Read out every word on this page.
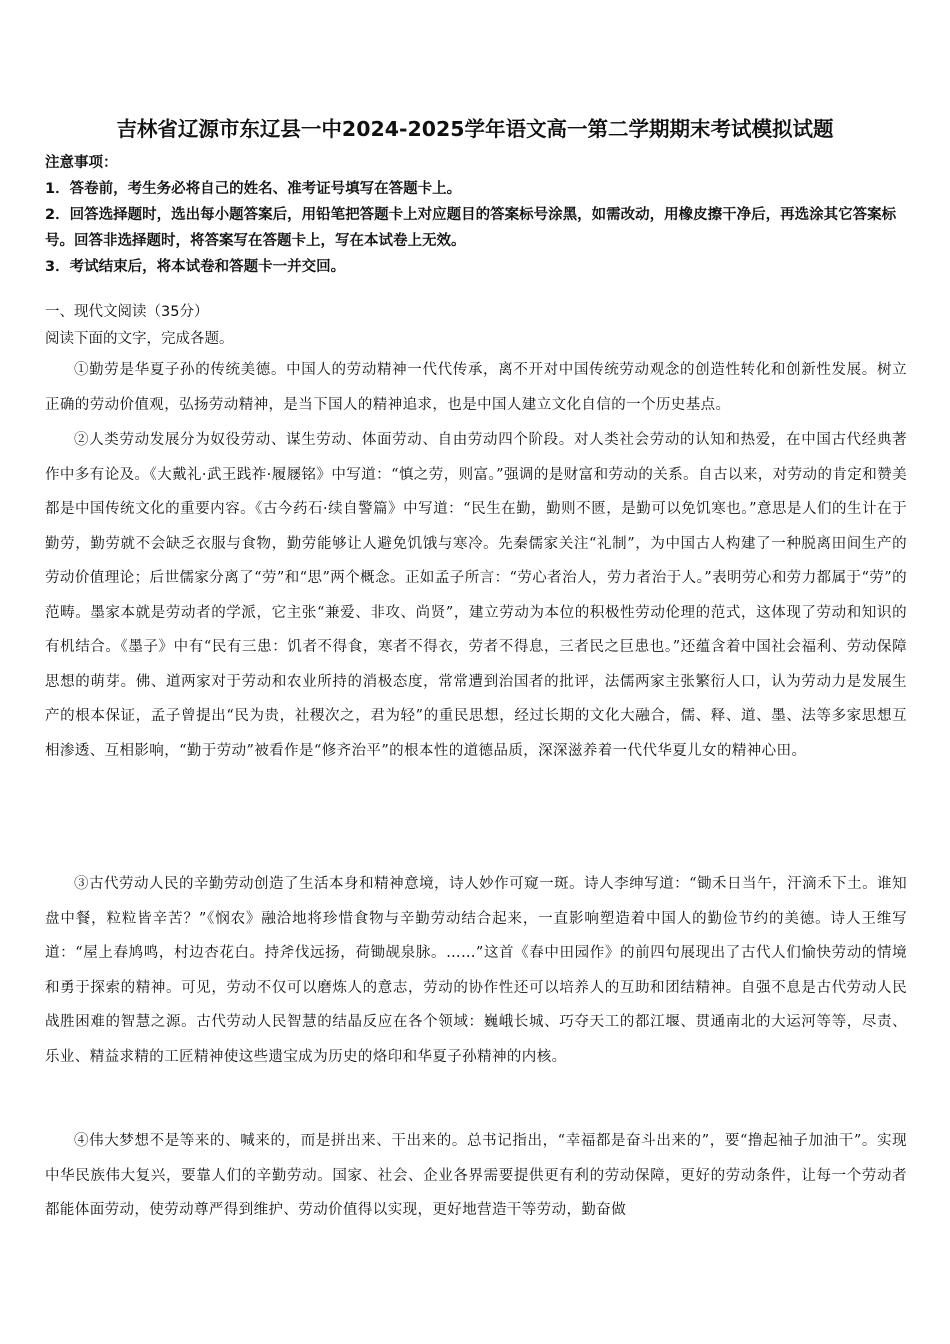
吉林省辽源市东辽县一中2024-2025学年语文高一第二学期期末考试模拟试题
注意事项：
1．答卷前，考生务必将自己的姓名、准考证号填写在答题卡上。
2．回答选择题时，选出每小题答案后，用铅笔把答题卡上对应题目的答案标号涂黑，如需改动，用橡皮擦干净后，再选涂其它答案标号。回答非选择题时，将答案写在答题卡上，写在本试卷上无效。
3．考试结束后，将本试卷和答题卡一并交回。
一、现代文阅读（35分）
阅读下面的文字，完成各题。
①勤劳是华夏子孙的传统美德。中国人的劳动精神一代代传承，离不开对中国传统劳动观念的创造性转化和创新性发展。树立正确的劳动价值观，弘扬劳动精神，是当下国人的精神追求，也是中国人建立文化自信的一个历史基点。
②人类劳动发展分为奴役劳动、谋生劳动、体面劳动、自由劳动四个阶段。对人类社会劳动的认知和热爱，在中国古代经典著作中多有论及。《大戴礼·武王践祚·履屦铭》中写道：“慎之劳，则富。”强调的是财富和劳动的关系。自古以来，对劳动的肯定和赞美都是中国传统文化的重要内容。《古今药石·续自警篇》中写道：“民生在勤，勤则不匮，是勤可以免饥寒也。”意思是人们的生计在于勤劳，勤劳就不会缺乏衣服与食物，勤劳能够让人避免饥饿与寒冷。先秦儒家关注“礼制”，为中国古人构建了一种脱离田间生产的劳动价值理论；后世儒家分离了“劳”和“思”两个概念。正如孟子所言：“劳心者治人，劳力者治于人。”表明劳心和劳力都属于“劳”的范畴。墨家本就是劳动者的学派，它主张“兼爱、非攻、尚贤”，建立劳动为本位的积极性劳动伦理的范式，这体现了劳动和知识的有机结合。《墨子》中有“民有三患：饥者不得食，寒者不得衣，劳者不得息，三者民之巨患也。”还蕴含着中国社会福利、劳动保障思想的萌芽。佛、道两家对于劳动和农业所持的消极态度，常常遭到治国者的批评，法儒两家主张繁衍人口，认为劳动力是发展生产的根本保证，孟子曾提出“民为贵，社稷次之，君为轻”的重民思想，经过长期的文化大融合，儒、释、道、墨、法等多家思想互相渗透、互相影响，“勤于劳动”被看作是“修齐治平”的根本性的道德品质，深深滋养着一代代华夏儿女的精神心田。
③古代劳动人民的辛勤劳动创造了生活本身和精神意境，诗人妙作可窥一斑。诗人李绅写道：“锄禾日当午，汗滴禾下土。谁知盘中餐，粒粒皆辛苦？”《悯农》融洽地将珍惜食物与辛勤劳动结合起来，一直影响塑造着中国人的勤俭节约的美德。诗人王维写道：“屋上春鸠鸣，村边杏花白。持斧伐远扬，荷锄觇泉脉。……”这首《春中田园作》的前四句展现出了古代人们愉快劳动的情境和勇于探索的精神。可见，劳动不仅可以磨炼人的意志，劳动的协作性还可以培养人的互助和团结精神。自强不息是古代劳动人民战胜困难的智慧之源。古代劳动人民智慧的结晶反应在各个领域：巍峨长城、巧夺天工的都江堰、贯通南北的大运河等等，尽责、乐业、精益求精的工匠精神使这些遗宝成为历史的烙印和华夏子孙精神的内核。
④伟大梦想不是等来的、喊来的，而是拼出来、干出来的。总书记指出，“幸福都是奋斗出来的”，要“撸起袖子加油干”。实现中华民族伟大复兴，要靠人们的辛勤劳动。国家、社会、企业各界需要提供更有利的劳动保障，更好的劳动条件，让每一个劳动者都能体面劳动，使劳动尊严得到维护、劳动价值得以实现，更好地营造干等劳动，勤奋做
